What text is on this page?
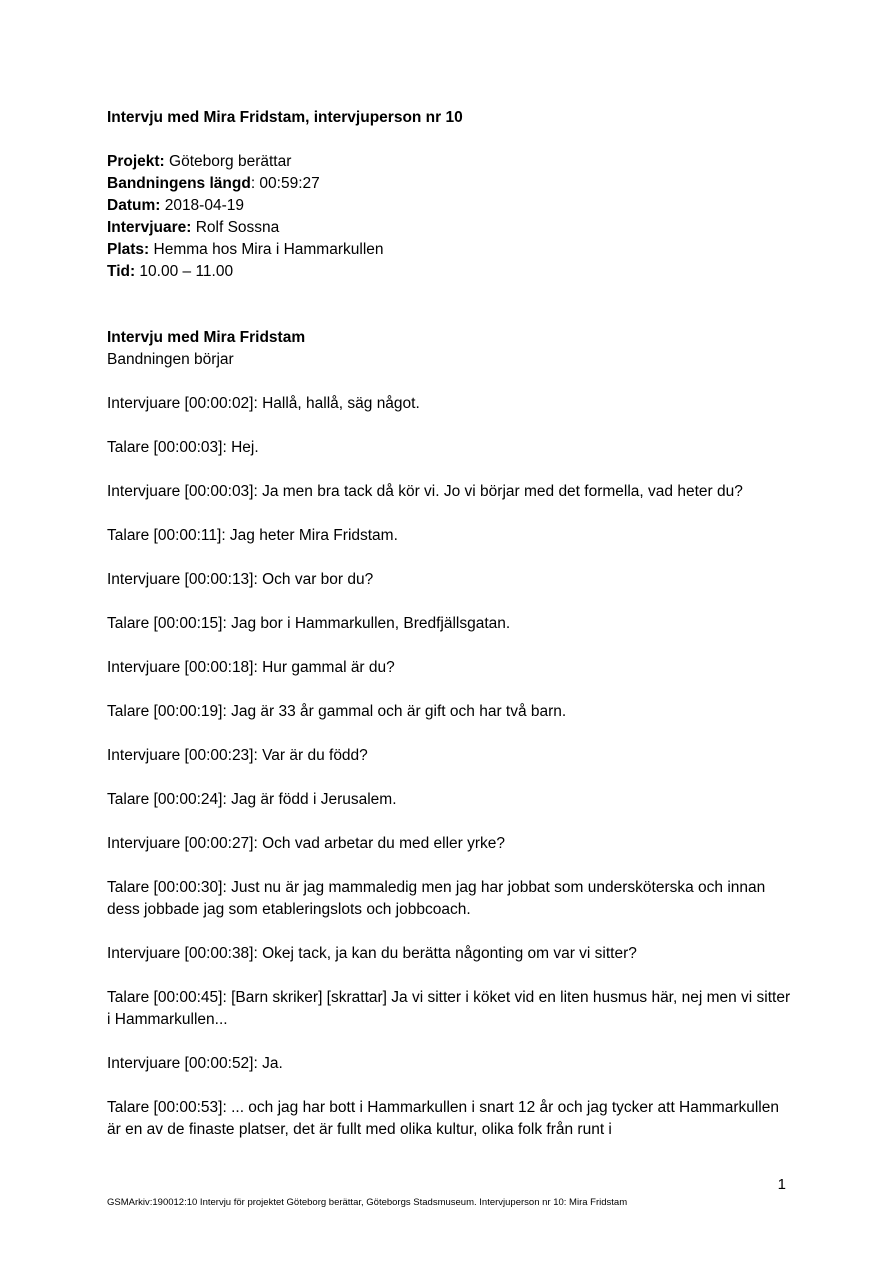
Intervju med Mira Fridstam, intervjuperson nr 10

Projekt: Göteborg berättar

Bandningens längd: 00:59:27

Datum: 2018-04-19

Intervjuare: Rolf Sossna

Plats: Hemma hos Mira i Hammarkullen

Tid: 10.00 – 11.00

Intervju med Mira Fridstam

Bandningen börjar

Intervjuare [00:00:02]: Hallå, hallå, säg något.

Talare [00:00:03]: Hej.

Intervjuare [00:00:03]: Ja men bra tack då kör vi. Jo vi börjar med det formella, vad heter du?

Talare [00:00:11]: Jag heter Mira Fridstam.

Intervjuare [00:00:13]: Och var bor du?

Talare [00:00:15]: Jag bor i Hammarkullen, Bredfjällsgatan.

Intervjuare [00:00:18]: Hur gammal är du?

Talare [00:00:19]: Jag är 33 år gammal och är gift och har två barn.

Intervjuare [00:00:23]: Var är du född?

Talare [00:00:24]: Jag är född i Jerusalem.

Intervjuare [00:00:27]: Och vad arbetar du med eller yrke?

Talare [00:00:30]: Just nu är jag mammaledig men jag har jobbat som undersköterska och innan dess jobbade jag som etableringslots och jobbcoach.

Intervjuare [00:00:38]: Okej tack, ja kan du berätta någonting om var vi sitter?

Talare [00:00:45]: [Barn skriker] [skrattar] Ja vi sitter i köket vid en liten husmus här, nej men vi sitter i Hammarkullen...

Intervjuare [00:00:52]: Ja.

Talare [00:00:53]: ... och jag har bott i Hammarkullen i snart 12 år och jag tycker att Hammarkullen är en av de finaste platser, det är fullt med olika kultur, olika folk från runt i

1
GSMArkiv:190012:10 Intervju för projektet Göteborg berättar, Göteborgs Stadsmuseum. Intervjuperson nr 10: Mira Fridstam
